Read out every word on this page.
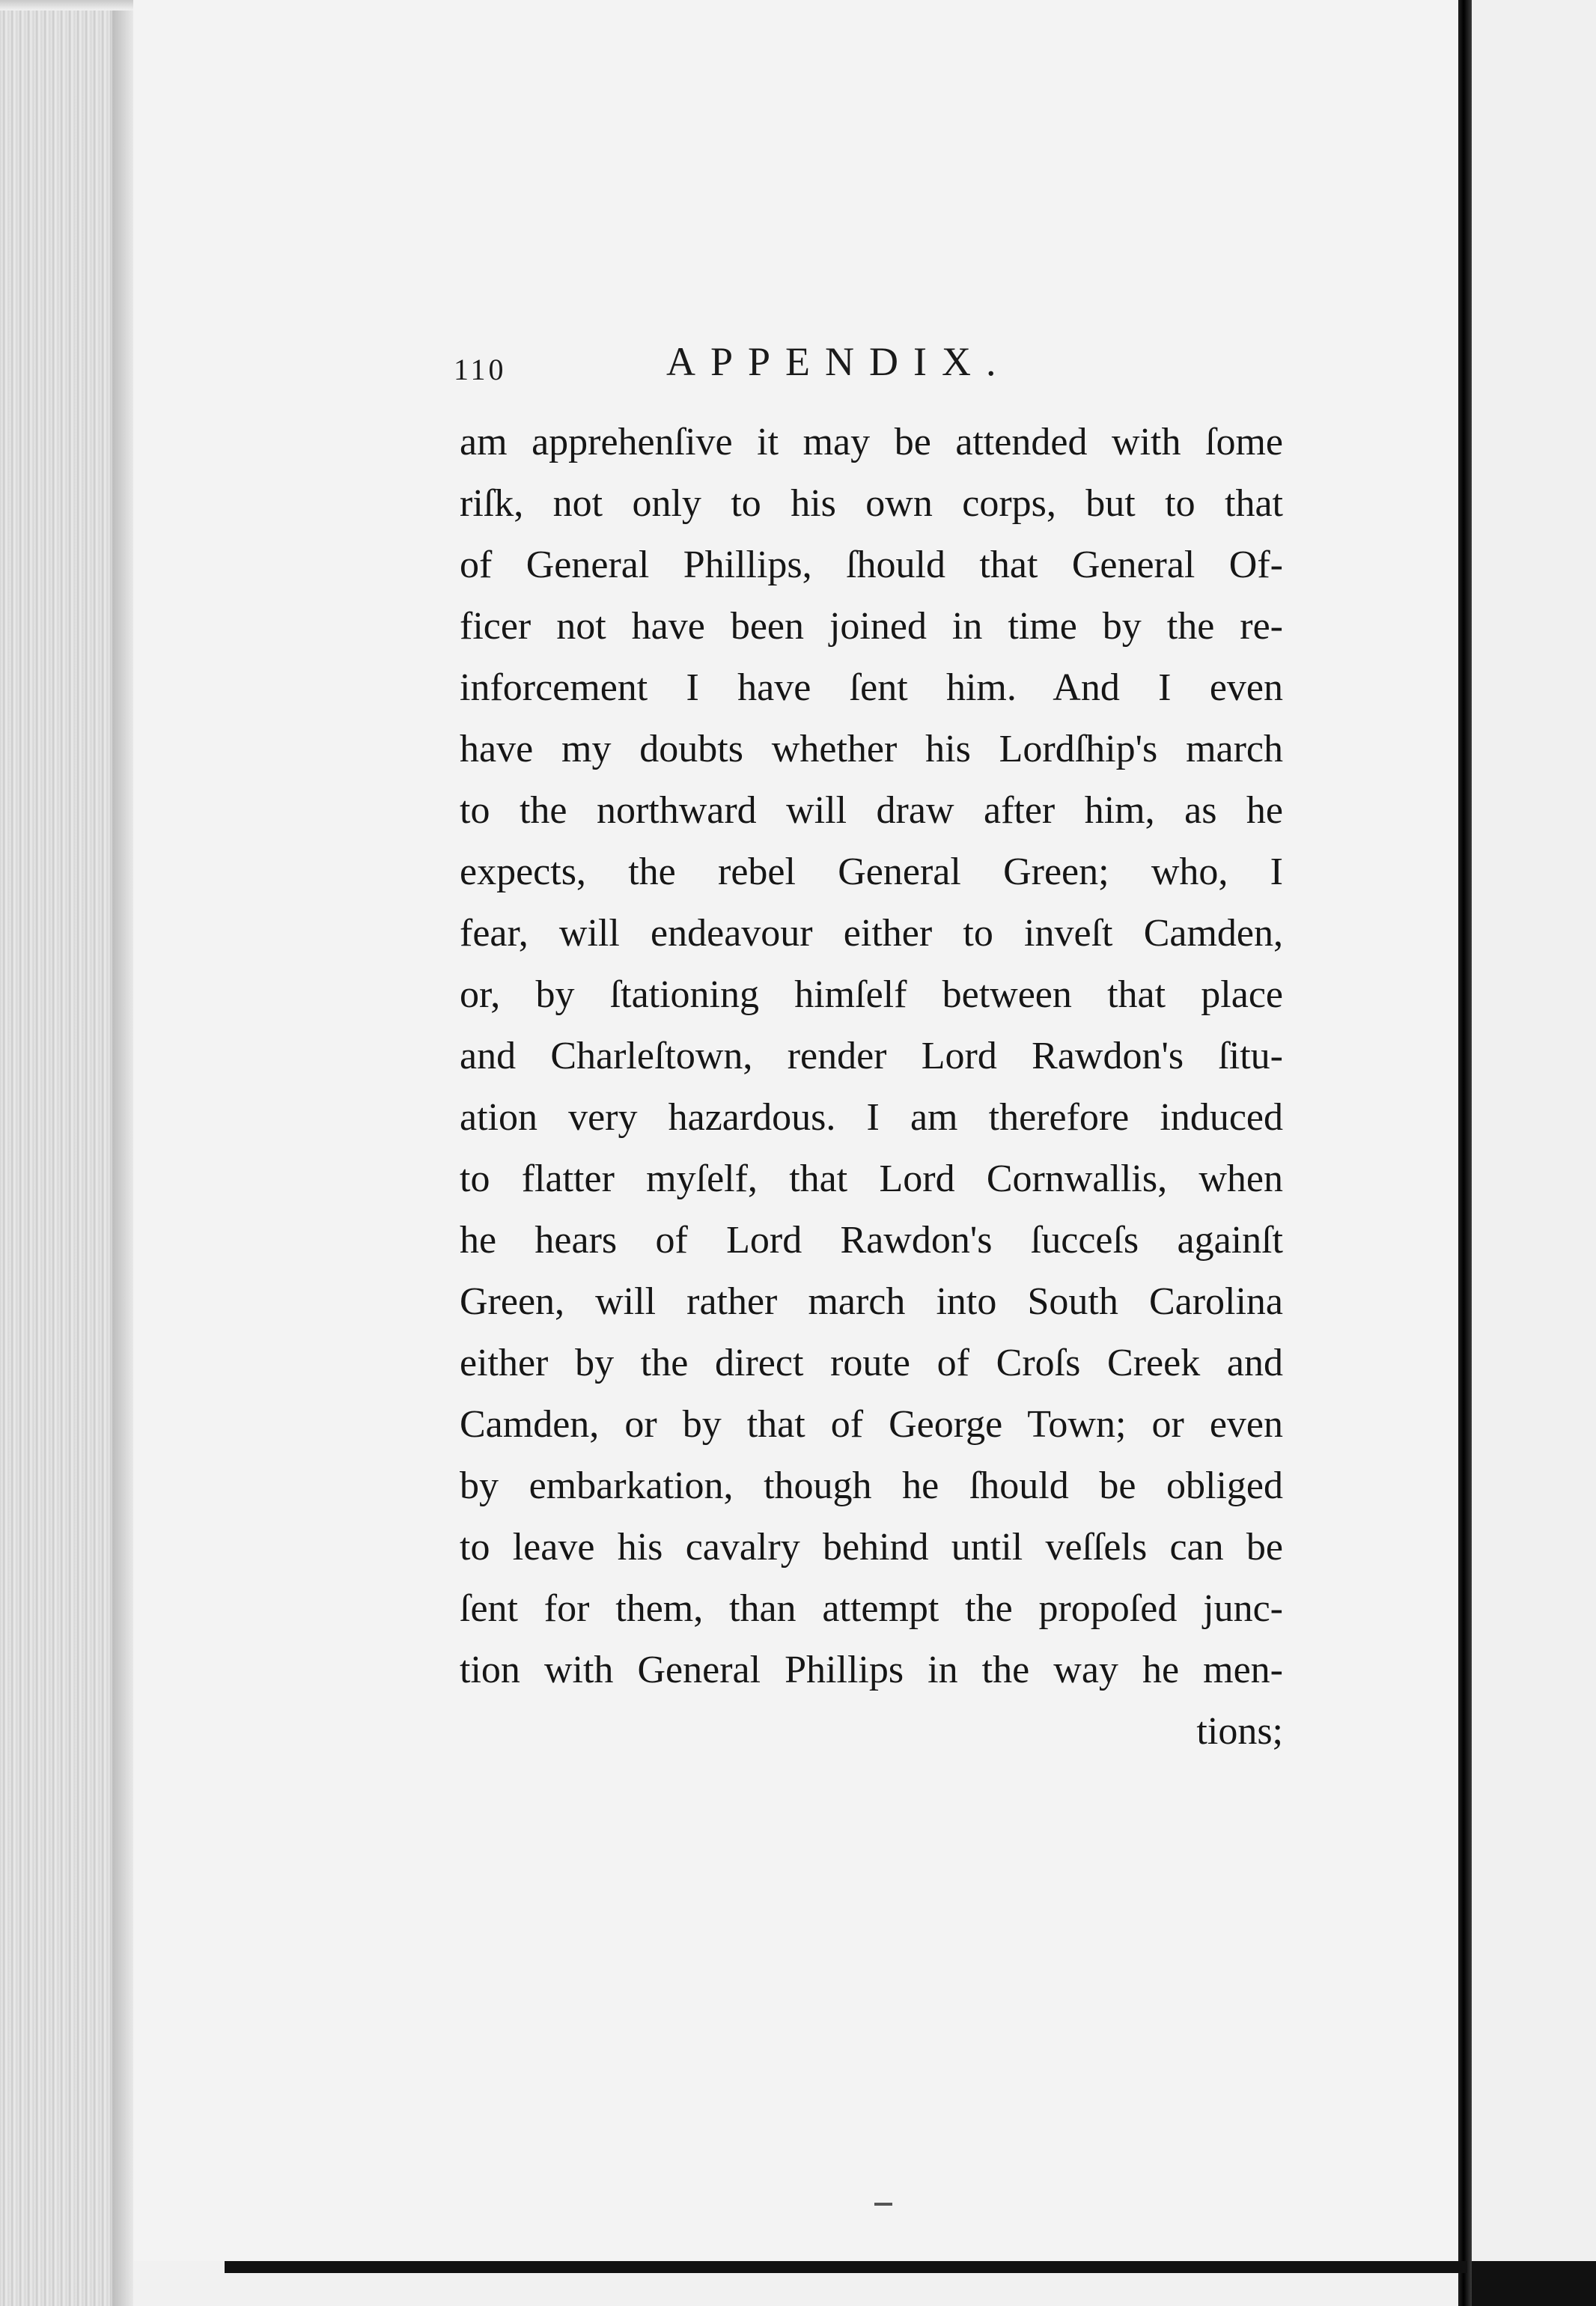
110	APPENDIX.
am apprehenſive it may be attended with ſome
riſk, not only to his own corps, but to that
of General Phillips, ſhould that General Of-
ficer not have been joined in time by the re-
inforcement I have ſent him. And I even
have my doubts whether his Lordſhip's march
to the northward will draw after him, as he
expects, the rebel General Green; who, I
fear, will endeavour either to inveſt Camden,
or, by ſtationing himſelf between that place
and Charleſtown, render Lord Rawdon's ſitu-
ation very hazardous. I am therefore induced
to flatter myſelf, that Lord Cornwallis, when
he hears of Lord Rawdon's ſucceſs againſt
Green, will rather march into South Carolina
either by the direct route of Croſs Creek and
Camden, or by that of George Town; or even
by embarkation, though he ſhould be obliged
to leave his cavalry behind until veſſels can be
ſent for them, than attempt the propoſed junc-
tion with General Phillips in the way he men-
tions;
